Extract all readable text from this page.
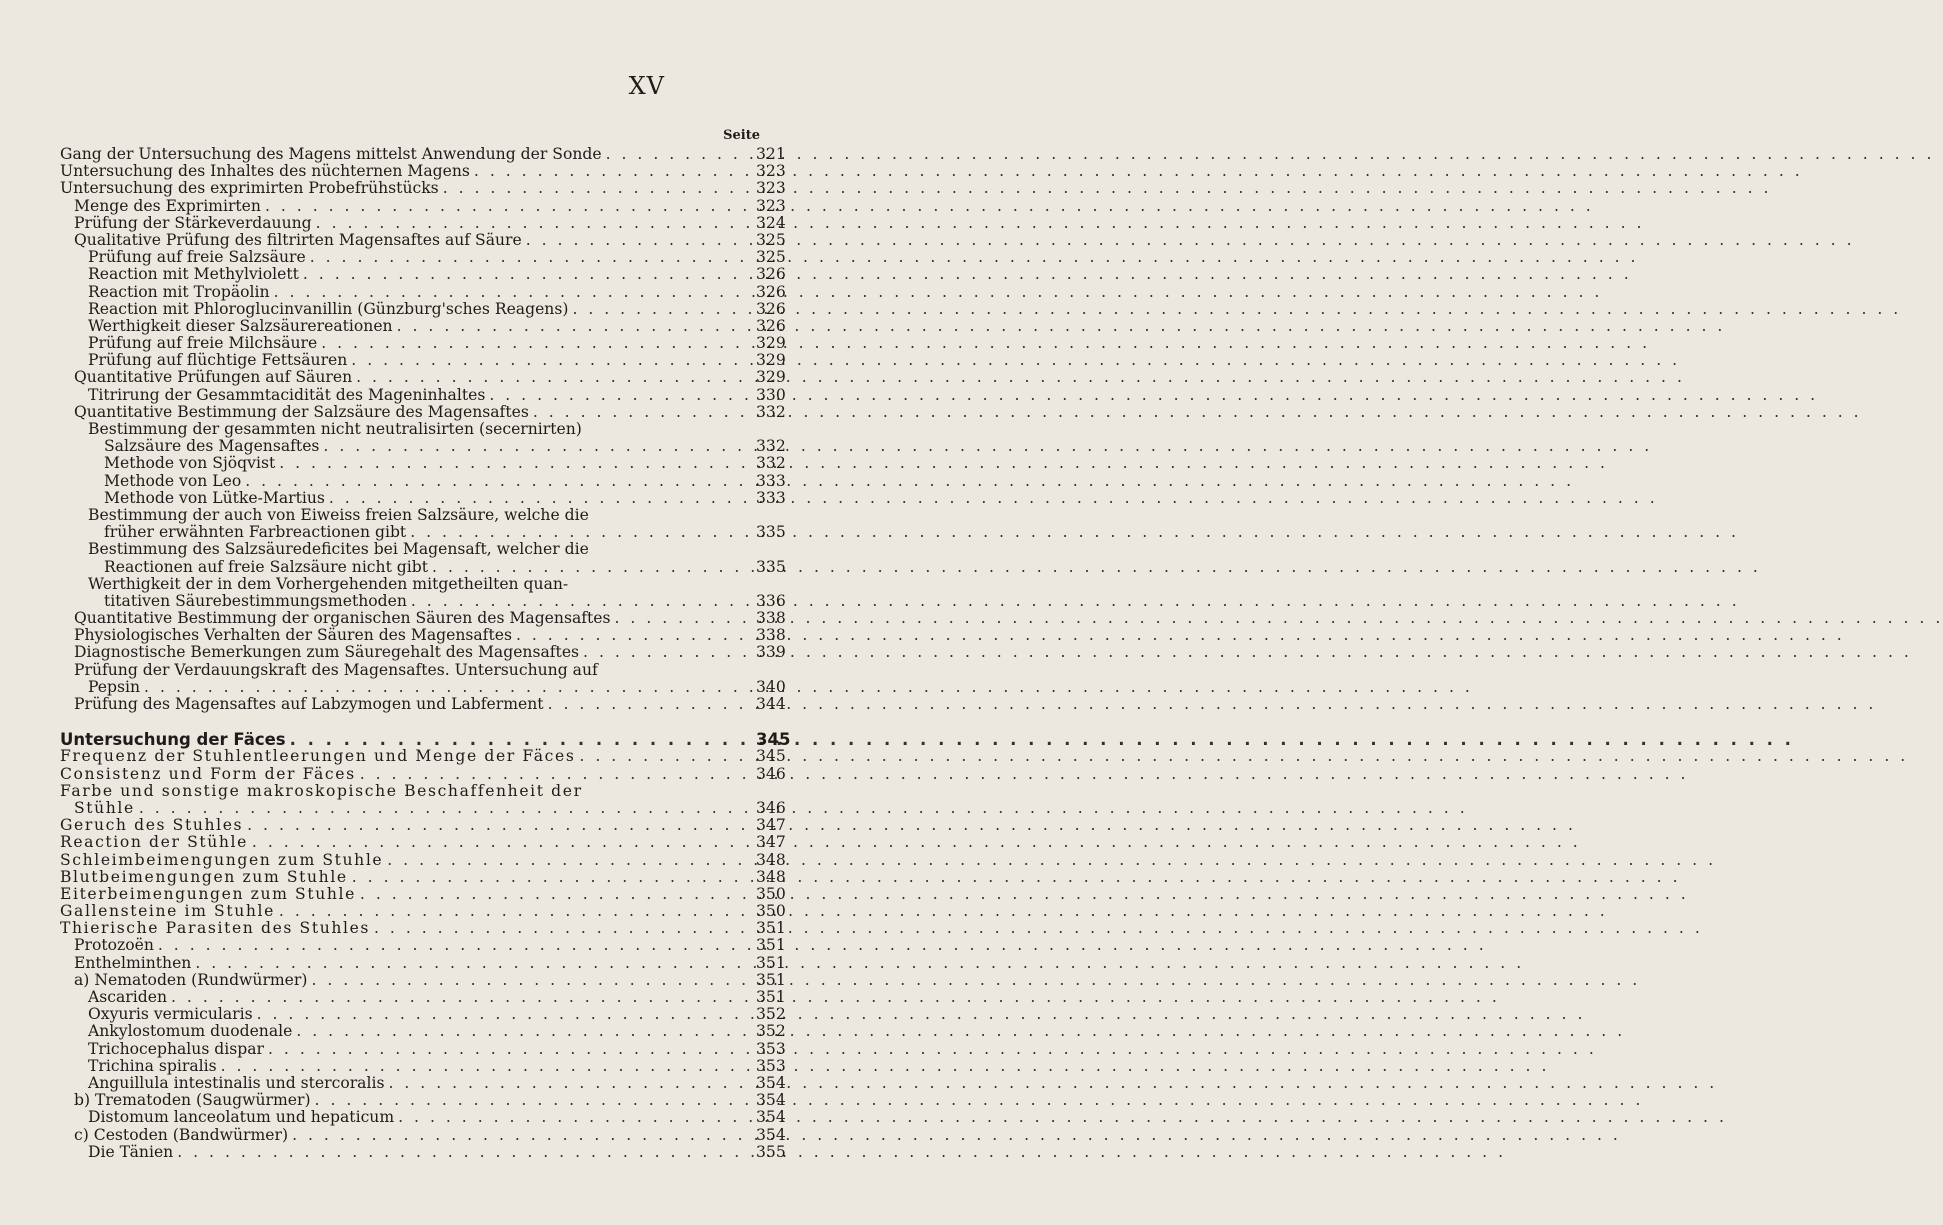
XV
Seite
Gang der Untersuchung des Magens mittelst Anwendung der Sonde . . .	321
Untersuchung des Inhaltes des nüchternen Magens . . .	323
Untersuchung des exprimirten Probefrühstücks . . .	323
Menge des Exprimirten . . .	323
Prüfung der Stärkeverdauung . . .	324
Qualitative Prüfung des filtrirten Magensaftes auf Säure . . .	325
Prüfung auf freie Salzsäure . . .	325
Reaction mit Methylviolett . . .	326
Reaction mit Tropäolin . . .	326
Reaction mit Phloroglucinvanillin (Günzburg'sches Reagens) . . .	326
Werthigkeit dieser Salzsäurereationen . . .	326
Prüfung auf freie Milchsäure . . .	329
Prüfung auf flüchtige Fettsäuren . . .	329
Quantitative Prüfungen auf Säuren . . .	329
Titrirung der Gesammtacidität des Mageninhaltes . . .	330
Quantitative Bestimmung der Salzsäure des Magensaftes . . .	332
Bestimmung der gesammten nicht neutralisirten (secernirten)
Salzsäure des Magensaftes . . .	332
Methode von Sjöqvist . . .	332
Methode von Leo . . .	333
Methode von Lütke-Martius . . .	333
Bestimmung der auch von Eiweiss freien Salzsäure, welche die
früher erwähnten Farbreactionen gibt . . .	335
Bestimmung des Salzsäuredeficites bei Magensaft, welcher die
Reactionen auf freie Salzsäure nicht gibt . . .	335
Werthigkeit der in dem Vorhergehenden mitgetheilten quan-
titativen Säurebestimmungsmethoden . . .	336
Quantitative Bestimmung der organischen Säuren des Magensaftes . . .	338
Physiologisches Verhalten der Säuren des Magensaftes . . .	338
Diagnostische Bemerkungen zum Säuregehalt des Magensaftes . . .	339
Prüfung der Verdauungskraft des Magensaftes. Untersuchung auf
Pepsin . . .	340
Prüfung des Magensaftes auf Labzymogen und Labferment . . .	344
Untersuchung der Fäces . . .	345
Frequenz der Stuhlentleerungen und Menge der Fäces . . .	345
Consistenz und Form der Fäces . . .	346
Farbe und sonstige makroskopische Beschaffenheit der
Stühle . . .	346
Geruch des Stuhles . . .	347
Reaction der Stühle . . .	347
Schleimbeimengungen zum Stuhle . . .	348
Blutbeimengungen zum Stuhle . . .	348
Eiterbeimengungen zum Stuhle . . .	350
Gallensteine im Stuhle . . .	350
Thierische Parasiten des Stuhles . . .	351
Protozoën . . .	351
Enthelminthen . . .	351
a) Nematoden (Rundwürmer) . . .	351
Ascariden . . .	351
Oxyuris vermicularis . . .	352
Ankylostomum duodenale . . .	352
Trichocephalus dispar . . .	353
Trichina spiralis . . .	353
Anguillula intestinalis und stercoralis . . .	354
b) Trematoden (Saugwürmer) . . .	354
Distomum lanceolatum und hepaticum . . .	354
c) Cestoden (Bandwürmer) . . .	354
Die Tänien . . .	355
